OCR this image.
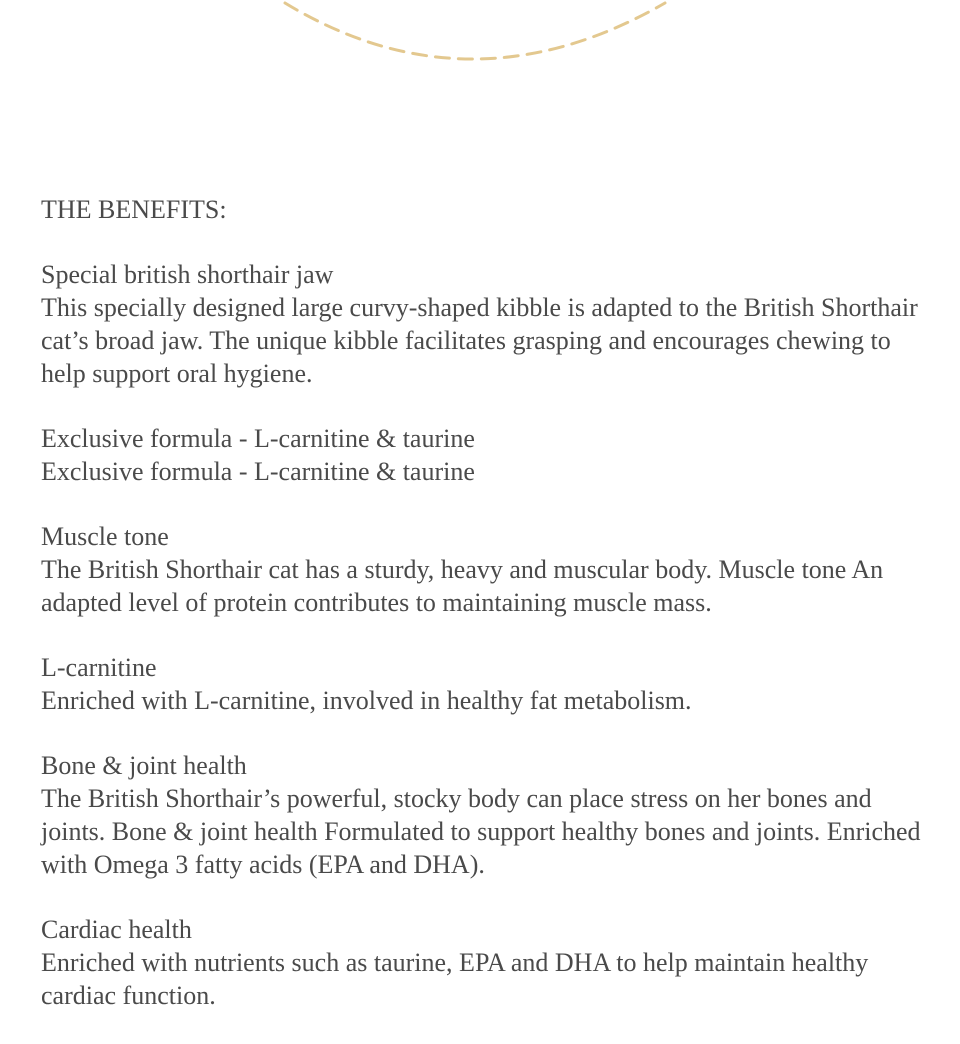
THE BENEFITS:
Special british shorthair jaw
This specially designed large curvy-shaped kibble is adapted to the British Shorthair cat’s broad jaw. The unique kibble facilitates grasping and encourages chewing to help support oral hygiene.
Exclusive formula - L-carnitine & taurine
Exclusive formula - L-carnitine & taurine
Muscle tone
The British Shorthair cat has a sturdy, heavy and muscular body. Muscle tone An adapted level of protein contributes to maintaining muscle mass.
L-carnitine
Enriched with L-carnitine, involved in healthy fat metabolism.
Bone & joint health
The British Shorthair’s powerful, stocky body can place stress on her bones and joints. Bone & joint health Formulated to support healthy bones and joints. Enriched with Omega 3 fatty acids (EPA and DHA).
Cardiac health
Enriched with nutrients such as taurine, EPA and DHA to help maintain healthy cardiac function.
